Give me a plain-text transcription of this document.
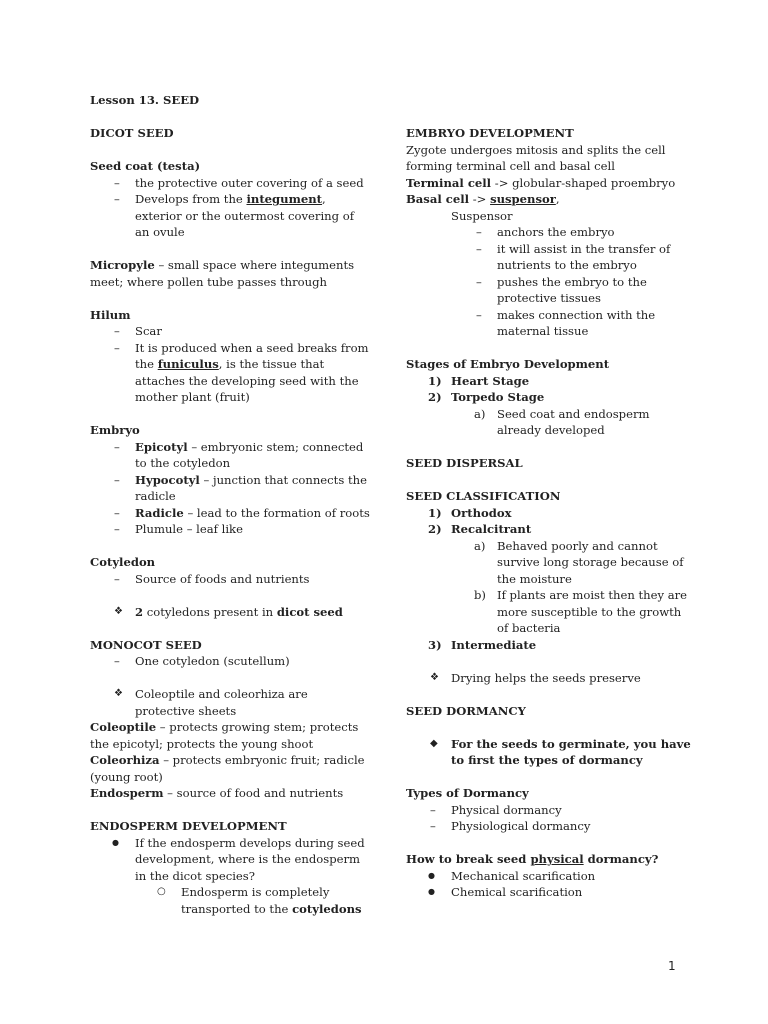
Lesson 13. SEED

DICOT SEED

Seed coat (testa)

– the protective outer covering of a seed

– Develops from the integument, exterior or the outermost covering of an ovule

Micropyle – small space where integuments meet; where pollen tube passes through

Hilum

– Scar

– It is produced when a seed breaks from the funiculus, is the tissue that attaches the developing seed with the mother plant (fruit)

Embryo

– Epicotyl – embryonic stem; connected to the cotyledon

– Hypocotyl – junction that connects the radicle

– Radicle – lead to the formation of roots

– Plumule – leaf like

Cotyledon

– Source of foods and nutrients

❖ 2 cotyledons present in dicot seed

MONOCOT SEED

– One cotyledon (scutellum)

❖ Coleoptile and coleorhiza are protective sheets

Coleoptile – protects growing stem; protects the epicotyl; protects the young shoot

Coleorhiza – protects embryonic fruit; radicle (young root)

Endosperm – source of food and nutrients

ENDOSPERM DEVELOPMENT

● If the endosperm develops during seed development, where is the endosperm in the dicot species?

○ Endosperm is completely transported to the cotyledons

EMBRYO DEVELOPMENT

Zygote undergoes mitosis and splits the cell forming terminal cell and basal cell

Terminal cell -> globular-shaped proembryo

Basal cell -> suspensor,

Suspensor

– anchors the embryo

– it will assist in the transfer of nutrients to the embryo

– pushes the embryo to the protective tissues

– makes connection with the maternal tissue

Stages of Embryo Development

1) Heart Stage

2) Torpedo Stage

a) Seed coat and endosperm already developed

SEED DISPERSAL

SEED CLASSIFICATION

1) Orthodox

2) Recalcitrant

a) Behaved poorly and cannot survive long storage because of the moisture

b) If plants are moist then they are more susceptible to the growth of bacteria

3) Intermediate

❖ Drying helps the seeds preserve

SEED DORMANCY

◆ For the seeds to germinate, you have to first the types of dormancy

Types of Dormancy

– Physical dormancy

– Physiological dormancy

How to break seed physical dormancy?

● Mechanical scarification

● Chemical scarification

1
